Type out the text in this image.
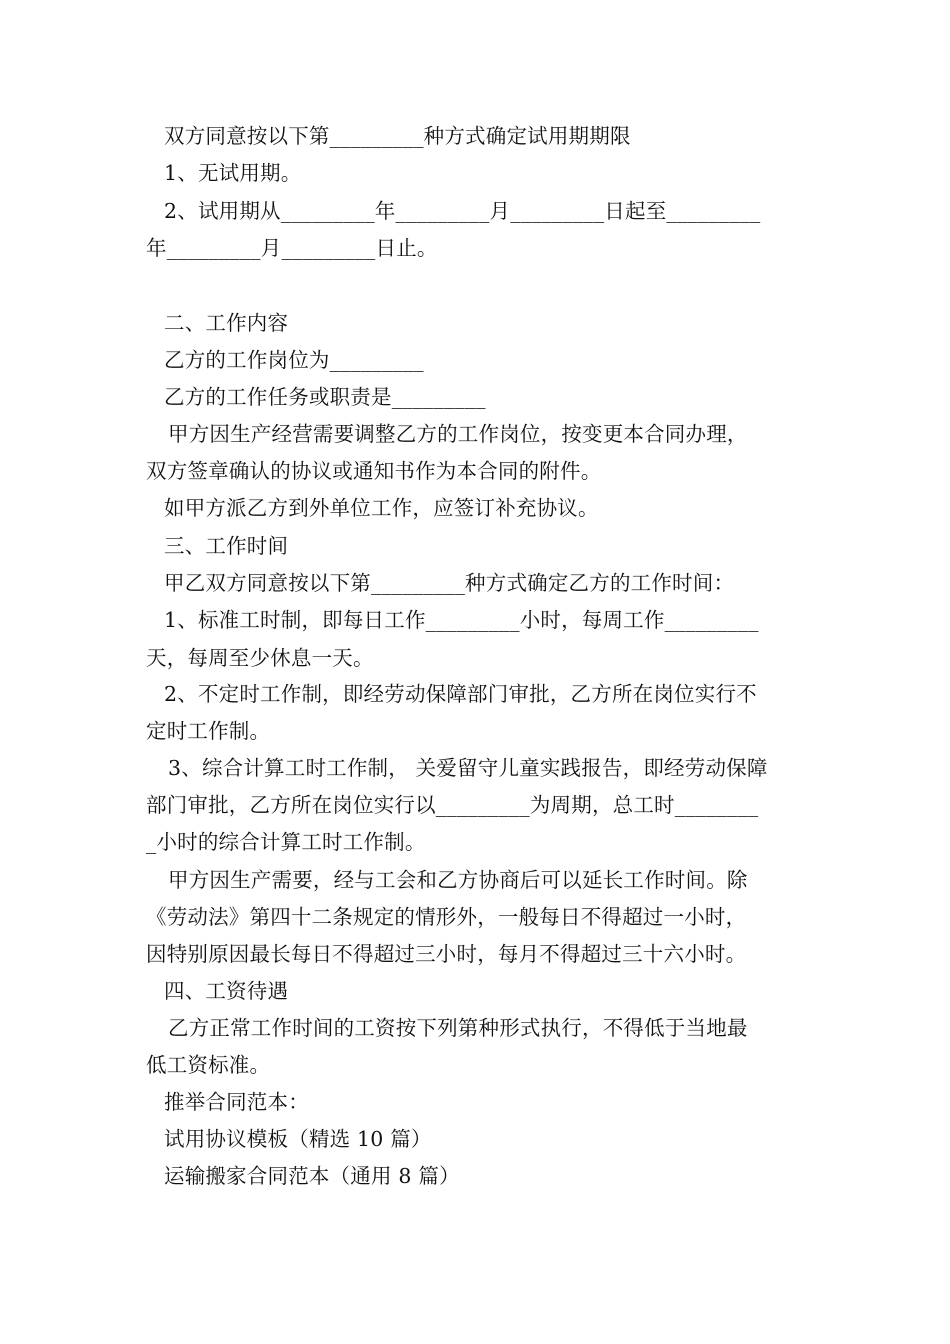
双方同意按以下第_________种方式确定试用期期限
1、无试用期。
2、试用期从_________年_________月_________日起至_________
年_________月_________日止。
二、工作内容
乙方的工作岗位为_________
乙方的工作任务或职责是_________
甲方因生产经营需要调整乙方的工作岗位，按变更本合同办理，
双方签章确认的协议或通知书作为本合同的附件。
如甲方派乙方到外单位工作，应签订补充协议。
三、工作时间
甲乙双方同意按以下第_________种方式确定乙方的工作时间：
1、标准工时制，即每日工作_________小时，每周工作_________
天，每周至少休息一天。
2、不定时工作制，即经劳动保障部门审批，乙方所在岗位实行不
定时工作制。
3、综合计算工时工作制， 关爱留守儿童实践报告，即经劳动保障
部门审批，乙方所在岗位实行以_________为周期，总工时________
_小时的综合计算工时工作制。
甲方因生产需要，经与工会和乙方协商后可以延长工作时间。除
《劳动法》第四十二条规定的情形外，一般每日不得超过一小时，
因特别原因最长每日不得超过三小时，每月不得超过三十六小时。
四、工资待遇
乙方正常工作时间的工资按下列第种形式执行，不得低于当地最
低工资标准。
推举合同范本：
试用协议模板（精选 10 篇）
运输搬家合同范本（通用 8 篇）
